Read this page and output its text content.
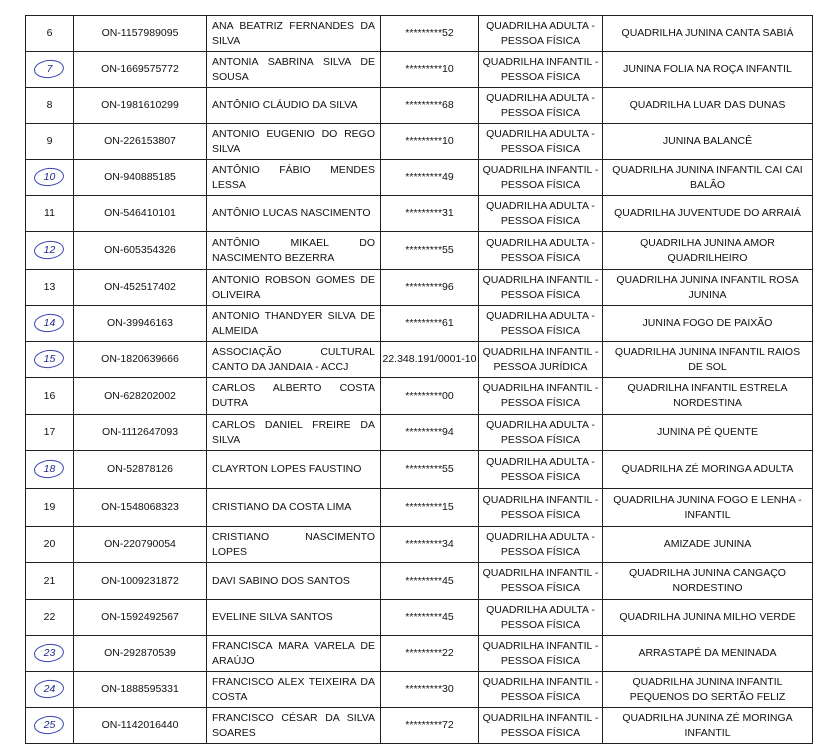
6	ON-1157989095	ANA BEATRIZ FERNANDES DA SILVA	*********52	QUADRILHA ADULTA - PESSOA FÍSICA	QUADRILHA JUNINA CANTA SABIÁ
7	ON-1669575772	ANTONIA SABRINA SILVA DE SOUSA	*********10	QUADRILHA INFANTIL - PESSOA FÍSICA	JUNINA FOLIA NA ROÇA INFANTIL
8	ON-1981610299	ANTÔNIO CLÁUDIO DA SILVA	*********68	QUADRILHA ADULTA - PESSOA FÍSICA	QUADRILHA LUAR DAS DUNAS
9	ON-226153807	ANTONIO EUGENIO DO REGO SILVA	*********10	QUADRILHA ADULTA - PESSOA FÍSICA	JUNINA BALANCÊ
10	ON-940885185	ANTÔNIO FÁBIO MENDES LESSA	*********49	QUADRILHA INFANTIL - PESSOA FÍSICA	QUADRILHA JUNINA INFANTIL CAI CAI BALÃO
11	ON-546410101	ANTÔNIO LUCAS NASCIMENTO	*********31	QUADRILHA ADULTA - PESSOA FÍSICA	QUADRILHA JUVENTUDE DO ARRAIÁ
12	ON-605354326	ANTÔNIO MIKAEL DO NASCIMENTO BEZERRA	*********55	QUADRILHA ADULTA - PESSOA FÍSICA	QUADRILHA JUNINA AMOR QUADRILHEIRO
13	ON-452517402	ANTONIO ROBSON GOMES DE OLIVEIRA	*********96	QUADRILHA INFANTIL - PESSOA FÍSICA	QUADRILHA JUNINA INFANTIL ROSA JUNINA
14	ON-39946163	ANTONIO THANDYER SILVA DE ALMEIDA	*********61	QUADRILHA ADULTA - PESSOA FÍSICA	JUNINA FOGO DE PAIXÃO
15	ON-1820639666	ASSOCIAÇÃO CULTURAL CANTO DA JANDAIA - ACCJ	22.348.191/0001-10	QUADRILHA INFANTIL - PESSOA JURÍDICA	QUADRILHA JUNINA INFANTIL RAIOS DE SOL
16	ON-628202002	CARLOS ALBERTO COSTA DUTRA	*********00	QUADRILHA INFANTIL - PESSOA FÍSICA	QUADRILHA INFANTIL ESTRELA NORDESTINA
17	ON-1112647093	CARLOS DANIEL FREIRE DA SILVA	*********94	QUADRILHA ADULTA - PESSOA FÍSICA	JUNINA PÉ QUENTE
18	ON-52878126	CLAYRTON LOPES FAUSTINO	*********55	QUADRILHA ADULTA - PESSOA FÍSICA	QUADRILHA ZÉ MORINGA ADULTA
19	ON-1548068323	CRISTIANO DA COSTA LIMA	*********15	QUADRILHA INFANTIL - PESSOA FÍSICA	QUADRILHA JUNINA FOGO E LENHA - INFANTIL
20	ON-220790054	CRISTIANO NASCIMENTO LOPES	*********34	QUADRILHA ADULTA - PESSOA FÍSICA	AMIZADE JUNINA
21	ON-1009231872	DAVI SABINO DOS SANTOS	*********45	QUADRILHA INFANTIL - PESSOA FÍSICA	QUADRILHA JUNINA CANGAÇO NORDESTINO
22	ON-1592492567	EVELINE SILVA SANTOS	*********45	QUADRILHA ADULTA - PESSOA FÍSICA	QUADRILHA JUNINA MILHO VERDE
23	ON-292870539	FRANCISCA MARA VARELA DE ARAÚJO	*********22	QUADRILHA INFANTIL - PESSOA FÍSICA	ARRASTAPÉ DA MENINADA
24	ON-1888595331	FRANCISCO ALEX TEIXEIRA DA COSTA	*********30	QUADRILHA INFANTIL - PESSOA FÍSICA	QUADRILHA JUNINA INFANTIL PEQUENOS DO SERTÃO FELIZ
25	ON-1142016440	FRANCISCO CÉSAR DA SILVA SOARES	*********72	QUADRILHA INFANTIL - PESSOA FÍSICA	QUADRILHA JUNINA ZÉ MORINGA INFANTIL
